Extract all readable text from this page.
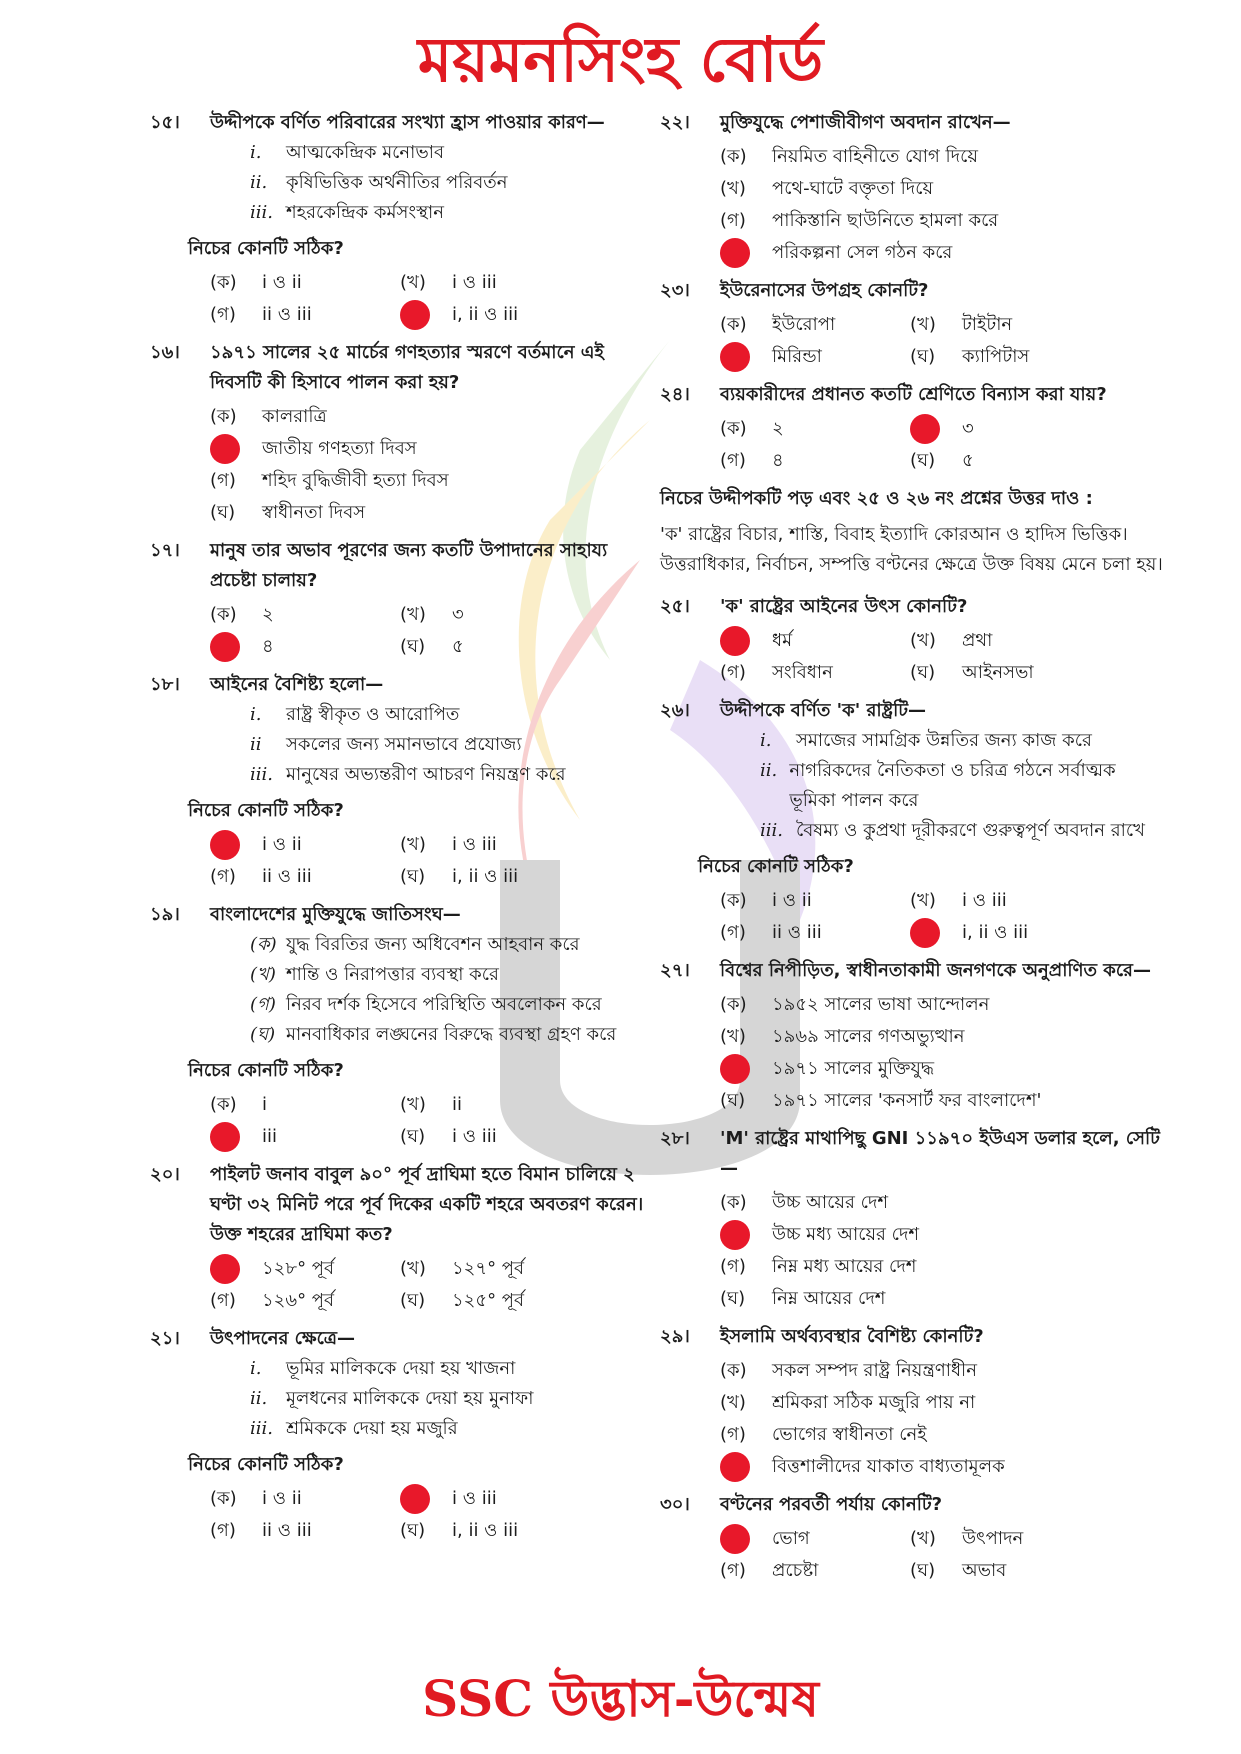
ময়মনসিংহ বোর্ড
১৫।	উদ্দীপকে বর্ণিত পরিবারের সংখ্যা হ্রাস পাওয়ার কারণ—
i.	আত্মকেন্দ্রিক মনোভাব
ii.	কৃষিভিত্তিক অর্থনীতির পরিবর্তন
iii. শহরকেন্দ্রিক কর্মসংস্থান
নিচের কোনটি সঠিক?
(ক)	i ও ii	(খ)	i ও iii
(গ)	ii ও iii	i, ii ও iii
১৬।	১৯৭১ সালের ২৫ মার্চের গণহত্যার স্মরণে বর্তমানে এই দিবসটি কী হিসাবে পালন করা হয়?
(ক)	কালরাত্রি
জাতীয় গণহত্যা দিবস
(গ)	শহিদ বুদ্ধিজীবী হত্যা দিবস
(ঘ)	স্বাধীনতা দিবস
১৭।	মানুষ তার অভাব পূরণের জন্য কতটি উপাদানের সাহায্য প্রচেষ্টা চালায়?
(ক)	২	(খ)	৩
৪	(ঘ)	৫
১৮।	আইনের বৈশিষ্ট্য হলো—
i.	রাষ্ট্র স্বীকৃত ও আরোপিত
ii	সকলের জন্য সমানভাবে প্রযোজ্য
iii. মানুষের অভ্যন্তরীণ আচরণ নিয়ন্ত্রণ করে
নিচের কোনটি সঠিক?
i ও ii	(খ)	i ও iii
(গ)	ii ও iii	(ঘ)	i, ii ও iii
১৯।	বাংলাদেশের মুক্তিযুদ্ধে জাতিসংঘ—
(ক) যুদ্ধ বিরতির জন্য অধিবেশন আহবান করে
(খ) শান্তি ও নিরাপত্তার ব্যবস্থা করে
(গ) নিরব দর্শক হিসেবে পরিস্থিতি অবলোকন করে
(ঘ) মানবাধিকার লঙ্ঘনের বিরুদ্ধে ব্যবস্থা গ্রহণ করে
নিচের কোনটি সঠিক?
(ক)	i	(খ)	ii
iii	(ঘ)	i ও iii
২০।	পাইলট জনাব বাবুল ৯০° পূর্ব দ্রাঘিমা হতে বিমান চালিয়ে ২ ঘণ্টা ৩২ মিনিট পরে পূর্ব দিকের একটি শহরে অবতরণ করেন। উক্ত শহরের দ্রাঘিমা কত?
১২৮° পূর্ব	(খ)	১২৭° পূর্ব
(গ)	১২৬° পূর্ব	(ঘ)	১২৫° পূর্ব
২১।	উৎপাদনের ক্ষেত্রে—
i.	ভূমির মালিককে দেয়া হয় খাজনা
ii.	মূলধনের মালিককে দেয়া হয় মুনাফা
iii. শ্রমিককে দেয়া হয় মজুরি
নিচের কোনটি সঠিক?
(ক)	i ও ii	i ও iii
(গ)	ii ও iii	(ঘ)	i, ii ও iii
২২।	মুক্তিযুদ্ধে পেশাজীবীগণ অবদান রাখেন—
(ক)	নিয়মিত বাহিনীতে যোগ দিয়ে
(খ)	পথে-ঘাটে বক্তৃতা দিয়ে
(গ)	পাকিস্তানি ছাউনিতে হামলা করে
পরিকল্পনা সেল গঠন করে
২৩।	ইউরেনাসের উপগ্রহ কোনটি?
(ক)	ইউরোপা	(খ)	টাইটান
মিরিন্ডা	(ঘ)	ক্যাপিটাস
২৪।	ব্যয়কারীদের প্রধানত কতটি শ্রেণিতে বিন্যাস করা যায়?
(ক)	২	৩
(গ)	৪	(ঘ)	৫
নিচের উদ্দীপকটি পড় এবং ২৫ ও ২৬ নং প্রশ্নের উত্তর দাও :
'ক' রাষ্ট্রের বিচার, শাস্তি, বিবাহ ইত্যাদি কোরআন ও হাদিস ভিত্তিক। উত্তরাধিকার, নির্বাচন, সম্পত্তি বণ্টনের ক্ষেত্রে উক্ত বিষয় মেনে চলা হয়।
২৫।	'ক' রাষ্ট্রের আইনের উৎস কোনটি?
ধর্ম	(খ)	প্রথা
(গ)	সংবিধান	(ঘ)	আইনসভা
২৬।	উদ্দীপকে বর্ণিত 'ক' রাষ্ট্রটি—
i.	সমাজের সামগ্রিক উন্নতির জন্য কাজ করে
ii. নাগরিকদের নৈতিকতা ও চরিত্র গঠনে সর্বাত্মক ভূমিকা পালন করে
iii. বৈষম্য ও কুপ্রথা দূরীকরণে গুরুত্বপূর্ণ অবদান রাখে
নিচের কোনটি সঠিক?
(ক)	i ও ii	(খ)	i ও iii
(গ)	ii ও iii	i, ii ও iii
২৭।	বিশ্বের নিপীড়িত, স্বাধীনতাকামী জনগণকে অনুপ্রাণিত করে—
(ক)	১৯৫২ সালের ভাষা আন্দোলন
(খ)	১৯৬৯ সালের গণঅভ্যুত্থান
১৯৭১ সালের মুক্তিযুদ্ধ
(ঘ)	১৯৭১ সালের 'কনসার্ট ফর বাংলাদেশ'
২৮।	'M' রাষ্ট্রের মাথাপিছু GNI ১১৯৭০ ইউএস ডলার হলে, সেটি—
(ক)	উচ্চ আয়ের দেশ
উচ্চ মধ্য আয়ের দেশ
(গ)	নিম্ন মধ্য আয়ের দেশ
(ঘ)	নিম্ন আয়ের দেশ
২৯।	ইসলামি অর্থব্যবস্থার বৈশিষ্ট্য কোনটি?
(ক)	সকল সম্পদ রাষ্ট্র নিয়ন্ত্রণাধীন
(খ)	শ্রমিকরা সঠিক মজুরি পায় না
(গ)	ভোগের স্বাধীনতা নেই
বিত্তশালীদের যাকাত বাধ্যতামূলক
৩০।	বণ্টনের পরবর্তী পর্যায় কোনটি?
ভোগ	(খ)	উৎপাদন
(গ)	প্রচেষ্টা	(ঘ)	অভাব
SSC উদ্ভাস-উন্মেষ
